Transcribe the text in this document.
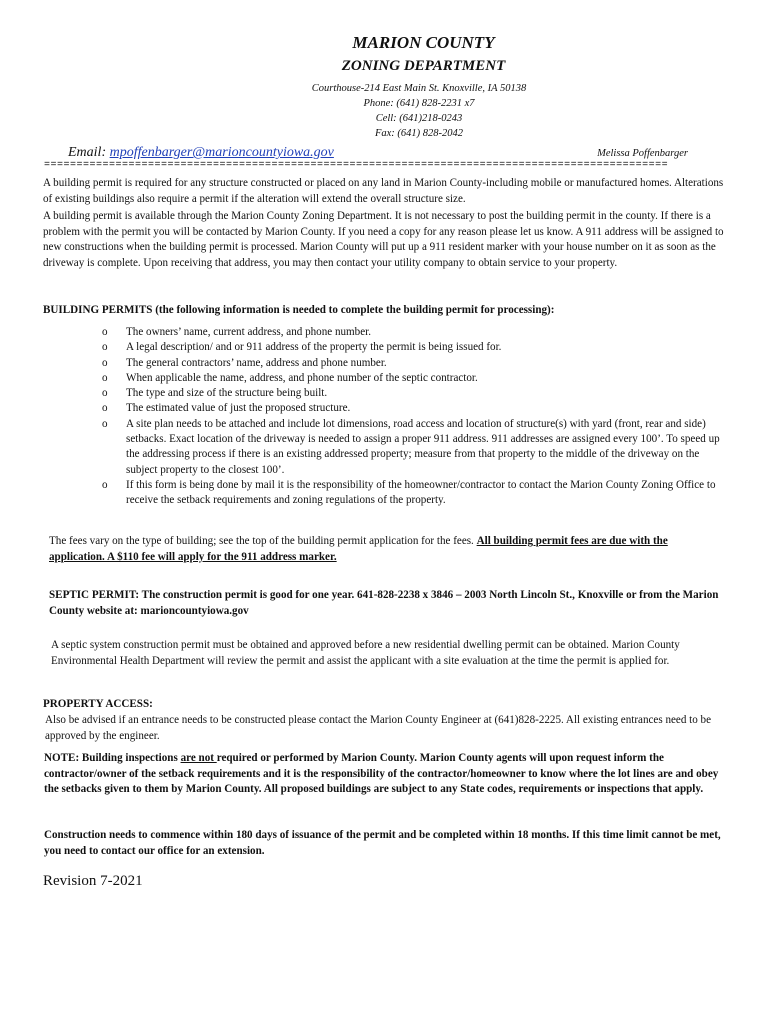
MARION COUNTY
ZONING DEPARTMENT
Courthouse-214 East Main St. Knoxville, IA 50138
Phone: (641) 828-2231 x7
Cell: (641)218-0243
Fax: (641) 828-2042
Email: mpoffenbarger@marioncountyiowa.gov	Melissa Poffenbarger
================================================================================================
A building permit is required for any structure constructed or placed on any land in Marion County-including mobile or manufactured homes. Alterations of existing buildings also require a permit if the alteration will extend the overall structure size.
A building permit is available through the Marion County Zoning Department. It is not necessary to post the building permit in the county. If there is a problem with the permit you will be contacted by Marion County. If you need a copy for any reason please let us know. A 911 address will be assigned to new constructions when the building permit is processed. Marion County will put up a 911 resident marker with your house number on it as soon as the driveway is complete. Upon receiving that address, you may then contact your utility company to obtain service to your property.
BUILDING PERMITS (the following information is needed to complete the building permit for processing):
o The owners’ name, current address, and phone number.
o A legal description/ and or 911 address of the property the permit is being issued for.
o The general contractors’ name, address and phone number.
o When applicable the name, address, and phone number of the septic contractor.
o The type and size of the structure being built.
o The estimated value of just the proposed structure.
o A site plan needs to be attached and include lot dimensions, road access and location of structure(s) with yard (front, rear and side) setbacks. Exact location of the driveway is needed to assign a proper 911 address. 911 addresses are assigned every 100’. To speed up the addressing process if there is an existing addressed property; measure from that property to the middle of the driveway on the subject property to the closest 100’.
o If this form is being done by mail it is the responsibility of the homeowner/contractor to contact the Marion County Zoning Office to receive the setback requirements and zoning regulations of the property.
The fees vary on the type of building; see the top of the building permit application for the fees. All building permit fees are due with the application. A $110 fee will apply for the 911 address marker.
SEPTIC PERMIT: The construction permit is good for one year. 641-828-2238 x 3846 – 2003 North Lincoln St., Knoxville or from the Marion County website at: marioncountyiowa.gov
A septic system construction permit must be obtained and approved before a new residential dwelling permit can be obtained. Marion County Environmental Health Department will review the permit and assist the applicant with a site evaluation at the time the permit is applied for.
PROPERTY ACCESS:
Also be advised if an entrance needs to be constructed please contact the Marion County Engineer at (641)828-2225. All existing entrances need to be approved by the engineer.
NOTE: Building inspections are not required or performed by Marion County. Marion County agents will upon request inform the contractor/owner of the setback requirements and it is the responsibility of the contractor/homeowner to know where the lot lines are and obey the setbacks given to them by Marion County. All proposed buildings are subject to any State codes, requirements or inspections that apply.
Construction needs to commence within 180 days of issuance of the permit and be completed within 18 months. If this time limit cannot be met, you need to contact our office for an extension.
Revision 7-2021
